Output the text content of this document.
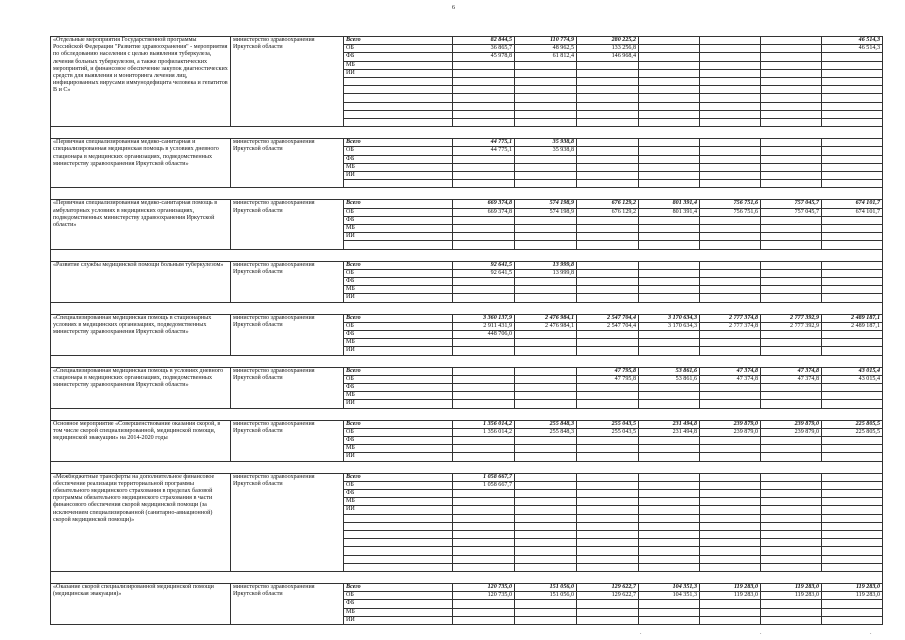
6
«Отдельные мероприятия Государственной программы Российской Федерации "Развитие здравоохранения" - мероприятия по обследованию населения с целью выявления туберкулеза, лечения больных туберкулезом, а также профилактических мероприятий, и финансовое обеспечение закупок диагностических средств для выявления и мониторинга лечения лиц, инфицированных вирусами иммунодефицита человека и гепатитов В и С»	министерство здравоохранения Иркутской области	Всего	82 844,5	110 774,9	280 225,2				46 514,3
		ОБ	36 865,7	48 962,5	133 256,8				46 514,3
		ФБ	45 978,8	61 812,4	146 968,4				
		МБ							
		ИИ							

«Первичная специализированная медико-санитарная и специализированная медицинская помощь в условиях дневного стационара в медицинских организациях, подведомственных министерству здравоохранения Иркутской области»	министерство здравоохранения Иркутской области	Всего	44 775,1	35 938,8					
		ОБ	44 775,1	35 938,8					
		ФБ							
		МБ							
		ИИ							

«Первичная специализированная медико-санитарная помощь в амбулаторных условиях в медицинских организациях, подведомственных министерству здравоохранения Иркутской области»	министерство здравоохранения Иркутской области	Всего	669 374,8	574 198,9	676 129,2	801 391,4	756 751,6	757 045,7	674 101,7
		ОБ	669 374,8	574 198,9	676 129,2	801 391,4	756 751,6	757 045,7	674 101,7
		ФБ							
		МБ							
		ИИ							

«Развитие службы медицинской помощи больным туберкулезом»	министерство здравоохранения Иркутской области	Всего	92 641,5	13 999,8					
		ОБ	92 641,5	13 999,8					
		ФБ							
		МБ							
		ИИ							

«Специализированная медицинская помощь в стационарных условиях в медицинских организациях, подведомственных министерству здравоохранения Иркутской области»	министерство здравоохранения Иркутской области	Всего	3 360 137,9	2 476 984,1	2 547 704,4	3 170 634,3	2 777 374,8	2 777 392,9	2 489 187,1
		ОБ	2 911 431,9	2 476 984,1	2 547 704,4	3 170 634,3	2 777 374,8	2 777 392,9	2 489 187,1
		ФБ	448 706,0						
		МБ							
		ИИ							

«Специализированная медицинская помощь в условиях дневного стационара в медицинских организациях, подведомственных министерству здравоохранения Иркутской области»	министерство здравоохранения Иркутской области	Всего			47 795,8	53 861,6	47 374,8	47 374,8	43 015,4
		ОБ			47 795,8	53 861,6	47 374,8	47 374,8	43 015,4
		ФБ							
		МБ							
		ИИ							

Основное мероприятие «Совершенствование оказания скорой, в том числе скорой специализированной, медицинской помощи, медицинской эвакуации» на 2014-2020 годы	министерство здравоохранения Иркутской области	Всего	1 356 014,2	255 848,3	255 043,5	231 494,8	239 879,0	239 879,0	225 805,5
		ОБ	1 356 014,2	255 848,3	255 043,5	231 494,8	239 879,0	239 879,0	225 805,5
		ФБ							
		МБ							
		ИИ							

«Межбюджетные трансферты на дополнительное финансовое обеспечение реализации территориальной программы обязательного медицинского страхования в пределах базовой программы обязательного медицинского страхования в части финансового обеспечения скорой медицинской помощи (за исключением специализированной (санитарно-авиационной) скорой медицинской помощи)»	министерство здравоохранения Иркутской области	Всего	1 058 667,7						
		ОБ	1 058 667,7						
		ФБ							
		МБ							
		ИИ							

«Оказание скорой специализированной медицинской помощи (медицинская эвакуация)»	министерство здравоохранения Иркутской области	Всего	120 735,0	151 056,0	129 622,7	104 351,3	119 283,0	119 283,0	119 283,0
		ОБ	120 735,0	151 056,0	129 622,7	104 351,3	119 283,0	119 283,0	119 283,0
		ФБ							
		МБ							
		ИИ							
.	.	.
